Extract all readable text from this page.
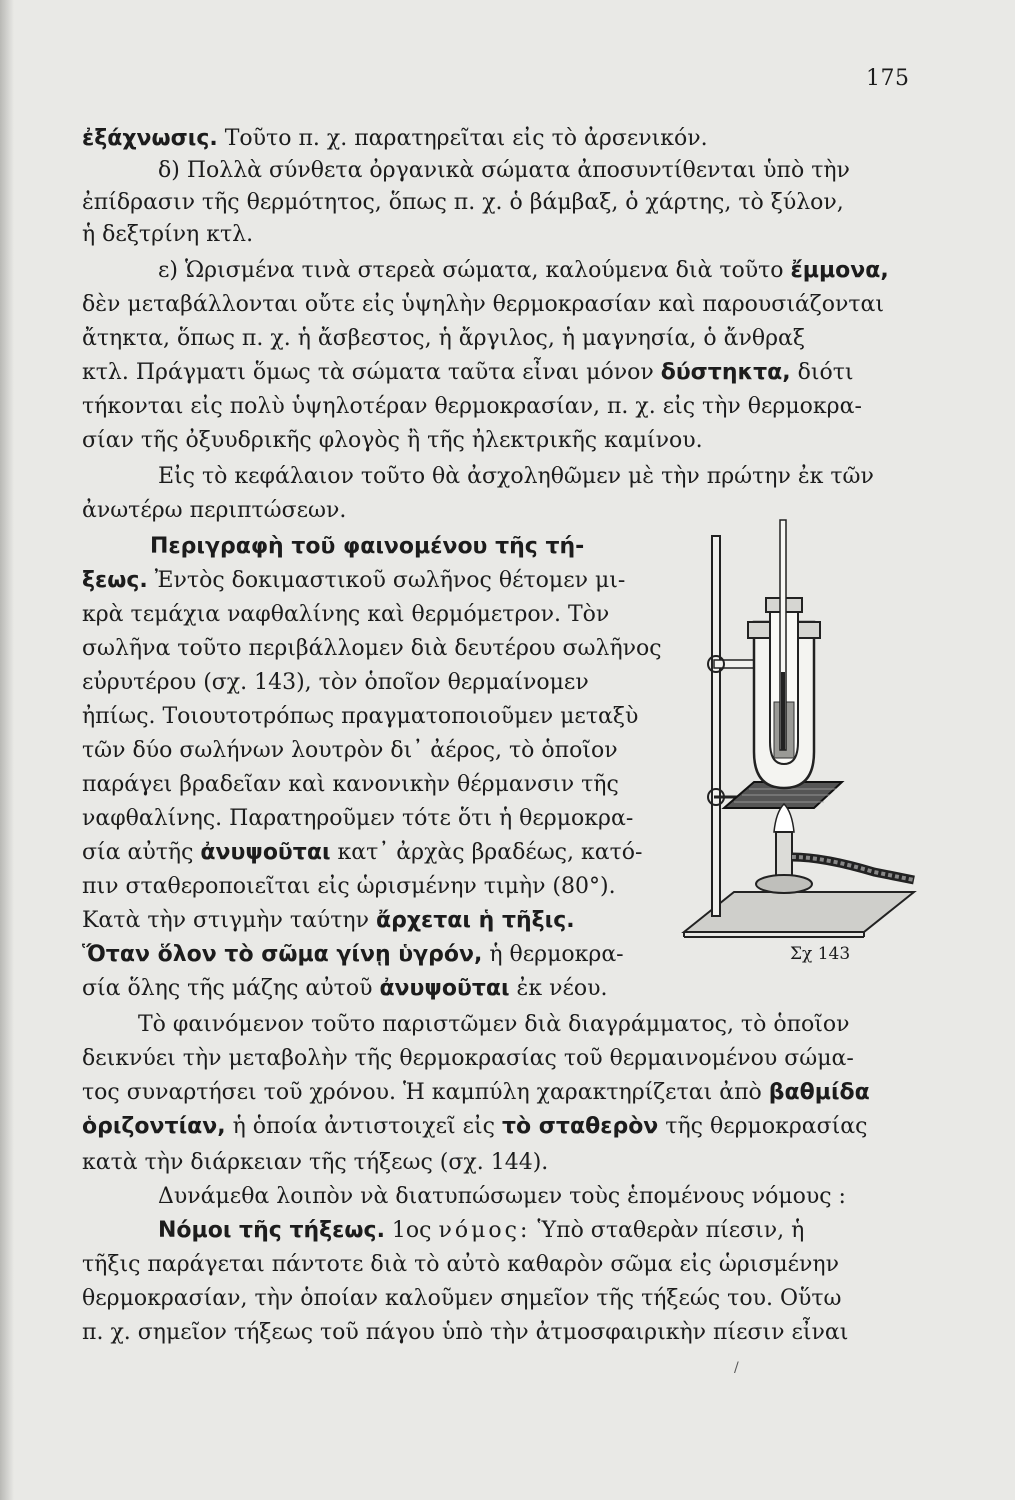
175
ἐξάχνωσις. Τοῦτο π. χ. παρατηρεῖται εἰς τὸ ἀρσενικόν.
δ) Πολλὰ σύνθετα ὀργανικὰ σώματα ἀποσυντίθενται ὑπὸ τὴν
ἐπίδρασιν τῆς θερμότητος, ὅπως π. χ. ὁ βάμβαξ, ὁ χάρτης, τὸ ξύλον,
ἡ δεξτρίνη κτλ.
ε) Ὡρισμένα τινὰ στερεὰ σώματα, καλούμενα διὰ τοῦτο ἔμμονα,
δὲν μεταβάλλονται οὔτε εἰς ὑψηλὴν θερμοκρασίαν καὶ παρουσιάζονται
ἄτηκτα, ὅπως π. χ. ἡ ἄσβεστος, ἡ ἄργιλος, ἡ μαγνησία, ὁ ἄνθραξ
κτλ. Πράγματι ὅμως τὰ σώματα ταῦτα εἶναι μόνον δύστηκτα, διότι
τήκονται εἰς πολὺ ὑψηλοτέραν θερμοκρασίαν, π. χ. εἰς τὴν θερμοκρα-
σίαν τῆς ὀξυυδρικῆς φλογὸς ἢ τῆς ἠλεκτρικῆς καμίνου.
Εἰς τὸ κεφάλαιον τοῦτο θὰ ἀσχοληθῶμεν μὲ τὴν πρώτην ἐκ τῶν
ἀνωτέρω περιπτώσεων.
Περιγραφὴ τοῦ φαινομένου τῆς τή-
ξεως. Ἐντὸς δοκιμαστικοῦ σωλῆνος θέτομεν μι-
κρὰ τεμάχια ναφθαλίνης καὶ θερμόμετρον. Τὸν
σωλῆνα τοῦτο περιβάλλομεν διὰ δευτέρου σωλῆνος
εὐρυτέρου (σχ. 143), τὸν ὁποῖον θερμαίνομεν
ἠπίως. Τοιουτοτρόπως πραγματοποιοῦμεν μεταξὺ
τῶν δύο σωλήνων λουτρὸν δι᾽ ἀέρος, τὸ ὁποῖον
παράγει βραδεῖαν καὶ κανονικὴν θέρμανσιν τῆς
ναφθαλίνης. Παρατηροῦμεν τότε ὅτι ἡ θερμοκρα-
σία αὐτῆς ἀνυψοῦται κατ᾽ ἀρχὰς βραδέως, κατό-
πιν σταθεροποιεῖται εἰς ὡρισμένην τιμὴν (80°).
Κατὰ τὴν στιγμὴν ταύτην ἄρχεται ἡ τῆξις.
Ὅταν ὅλον τὸ σῶμα γίνῃ ὑγρόν, ἡ θερμοκρα-
σία ὅλης τῆς μάζης αὐτοῦ ἀνυψοῦται ἐκ νέου.
Τὸ φαινόμενον τοῦτο παριστῶμεν διὰ διαγράμματος, τὸ ὁποῖον
δεικνύει τὴν μεταβολὴν τῆς θερμοκρασίας τοῦ θερμαινομένου σώμα-
τος συναρτήσει τοῦ χρόνου. Ἡ καμπύλη χαρακτηρίζεται ἀπὸ βαθμίδα
ὁριζοντίαν, ἡ ὁποία ἀντιστοιχεῖ εἰς τὸ σταθερὸν τῆς θερμοκρασίας
κατὰ τὴν διάρκειαν τῆς τήξεως (σχ. 144).
Δυνάμεθα λοιπὸν νὰ διατυπώσωμεν τοὺς ἑπομένους νόμους :
Νόμοι τῆς τήξεως. 1ος νόμος: Ὑπὸ σταθερὰν πίεσιν, ἡ
τῆξις παράγεται πάντοτε διὰ τὸ αὐτὸ καθαρὸν σῶμα εἰς ὡρισμένην
θερμοκρασίαν, τὴν ὁποίαν καλοῦμεν σημεῖον τῆς τήξεώς του. Οὕτω
π. χ. σημεῖον τήξεως τοῦ πάγου ὑπὸ τὴν ἀτμοσφαιρικὴν πίεσιν εἶναι
/
Σχ 143
